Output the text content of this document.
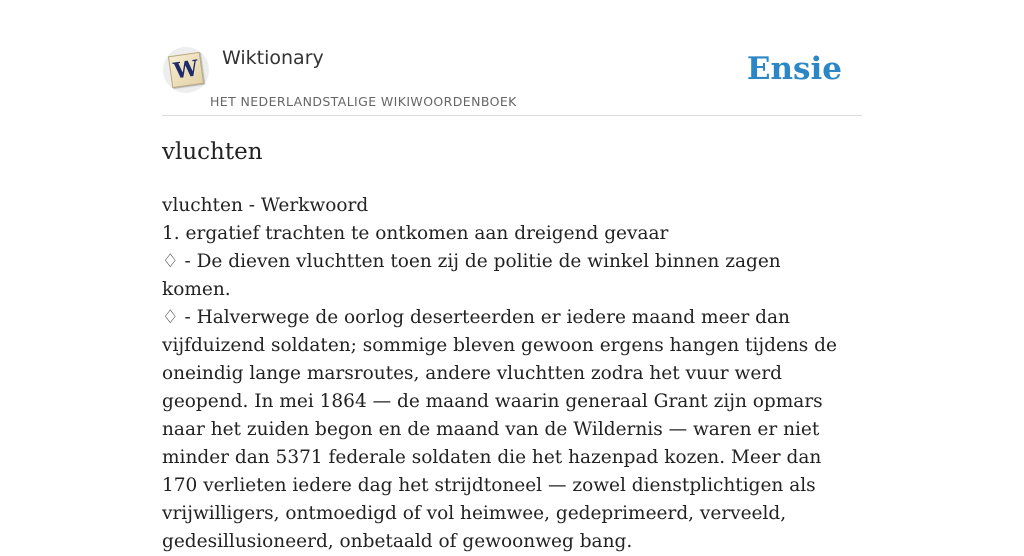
W Wiktionary
HET NEDERLANDSTALIGE WIKIWOORDENBOEK
Ensie
vluchten
vluchten - Werkwoord
1. ergatief trachten te ontkomen aan dreigend gevaar
♢ - De dieven vluchtten toen zij de politie de winkel binnen zagen komen.
♢ - Halverwege de oorlog deserteerden er iedere maand meer dan vijfduizend soldaten; sommige bleven gewoon ergens hangen tijdens de oneindig lange marsroutes, andere vluchtten zodra het vuur werd geopend. In mei 1864 — de maand waarin generaal Grant zijn opmars naar het zuiden begon en de maand van de Wildernis — waren er niet minder dan 5371 federale soldaten die het hazenpad kozen. Meer dan 170 verlieten iedere dag het strijdtoneel — zowel dienstplichtigen als vrijwilligers, ontmoedigd of vol heimwee, gedeprimeerd, verveeld, gedesillusioneerd, onbetaald of gewoonweg bang.
